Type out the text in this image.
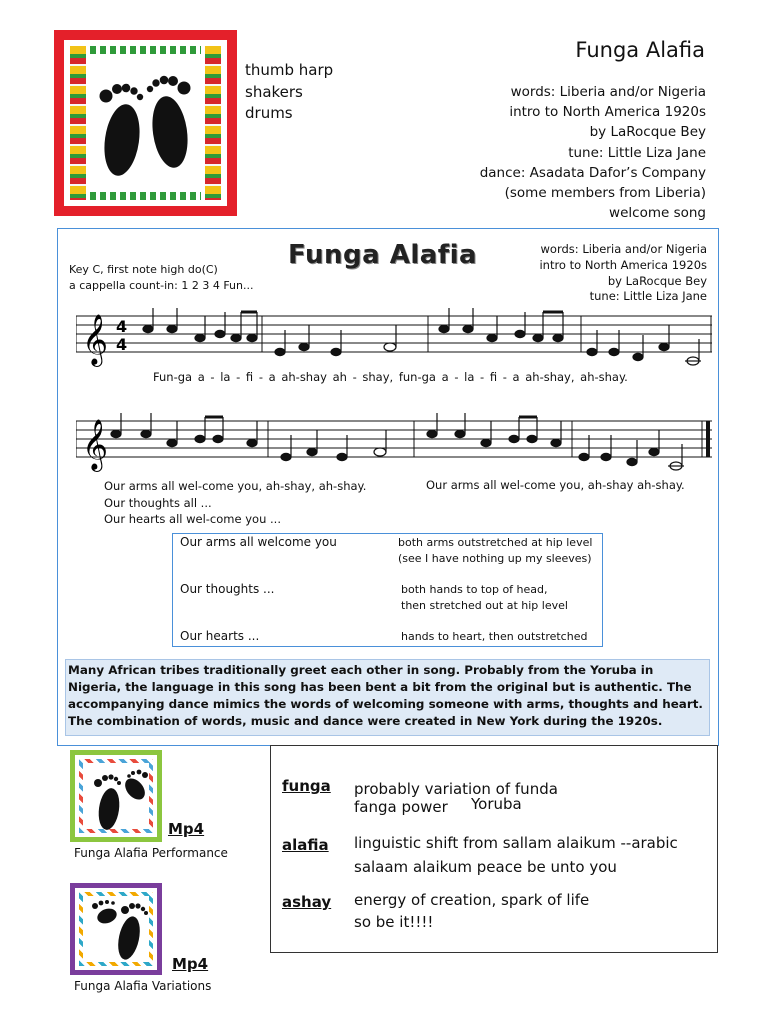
thumb harp
shakers
drums
Funga Alafia
words: Liberia and/or Nigeria
intro to North America 1920s
by LaRocque Bey
tune: Little Liza Jane
dance: Asadata Dafor’s Company
(some members from Liberia)
welcome song
Funga Alafia	words: Liberia and/or Nigeria
intro to North America 1920s
by LaRocque Bey
tune: Little Liza Jane
Key C, first note high do(C)
a cappella count-in: 1 2 3 4 Fun...
𝄞 4
4
Fun-ga a - la - fi - a ah-shay ah - shay, fun-ga a - la - fi - a ah-shay, ah-shay.
𝄞
Our arms all wel-come you, ah-shay, ah-shay.
Our thoughts all ...
Our hearts all wel-come you ...
Our arms all wel-come you, ah-shay ah-shay.
Our arms all welcome you	both arms outstretched at hip level
(see I have nothing up my sleeves)
Our thoughts ...	both hands to top of head,
then stretched out at hip level
Our hearts ...	hands to heart, then outstretched
Many African tribes traditionally greet each other in song. Probably from the Yoruba in Nigeria, the language in this song has been bent a bit from the original but is authentic. The accompanying dance mimics the words of welcoming someone with arms, thoughts and heart. The combination of words, music and dance were created in New York during the 1920s.
Mp4
Funga Alafia Performance
Mp4
Funga Alafia Variations
funga probably variation of funda
fanga power Yoruba
alafia linguistic shift from sallam alaikum --arabic
salaam alaikum peace be unto you
ashay energy of creation, spark of life
so be it!!!!
